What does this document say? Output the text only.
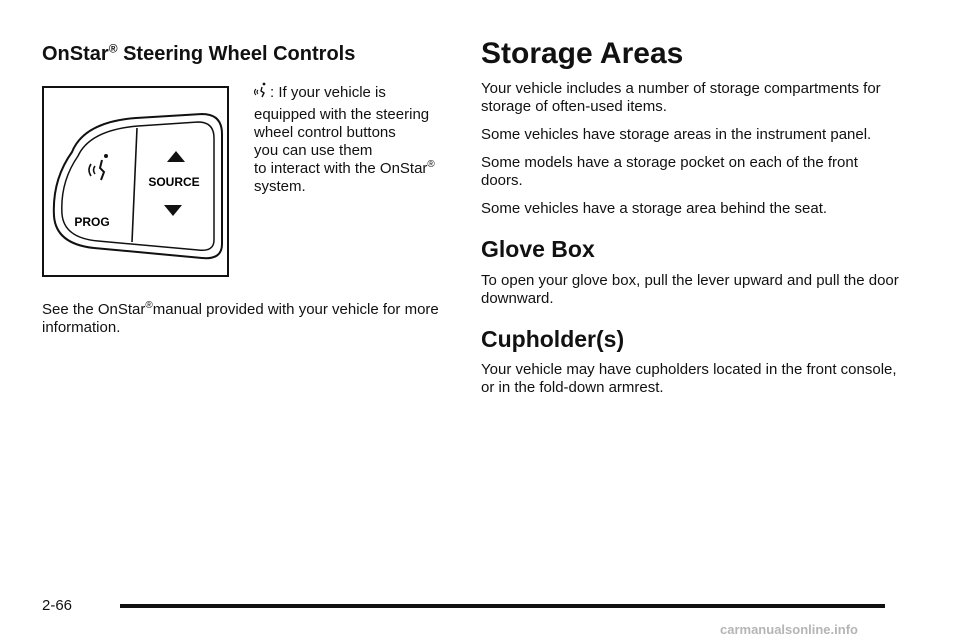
OnStar® Steering Wheel Controls
SOURCE
PROG
: If your vehicle is
equipped with the steering
wheel control buttons
you can use them
to interact with the OnStar®
system.

See the OnStar®manual provided with your vehicle for more information.

Storage Areas

Your vehicle includes a number of storage compartments for storage of often-used items.

Some vehicles have storage areas in the instrument panel.

Some models have a storage pocket on each of the front doors.

Some vehicles have a storage area behind the seat.

Glove Box

To open your glove box, pull the lever upward and pull the door downward.

Cupholder(s)

Your vehicle may have cupholders located in the front console, or in the fold-down armrest.

2-66
carmanualsonline.info
